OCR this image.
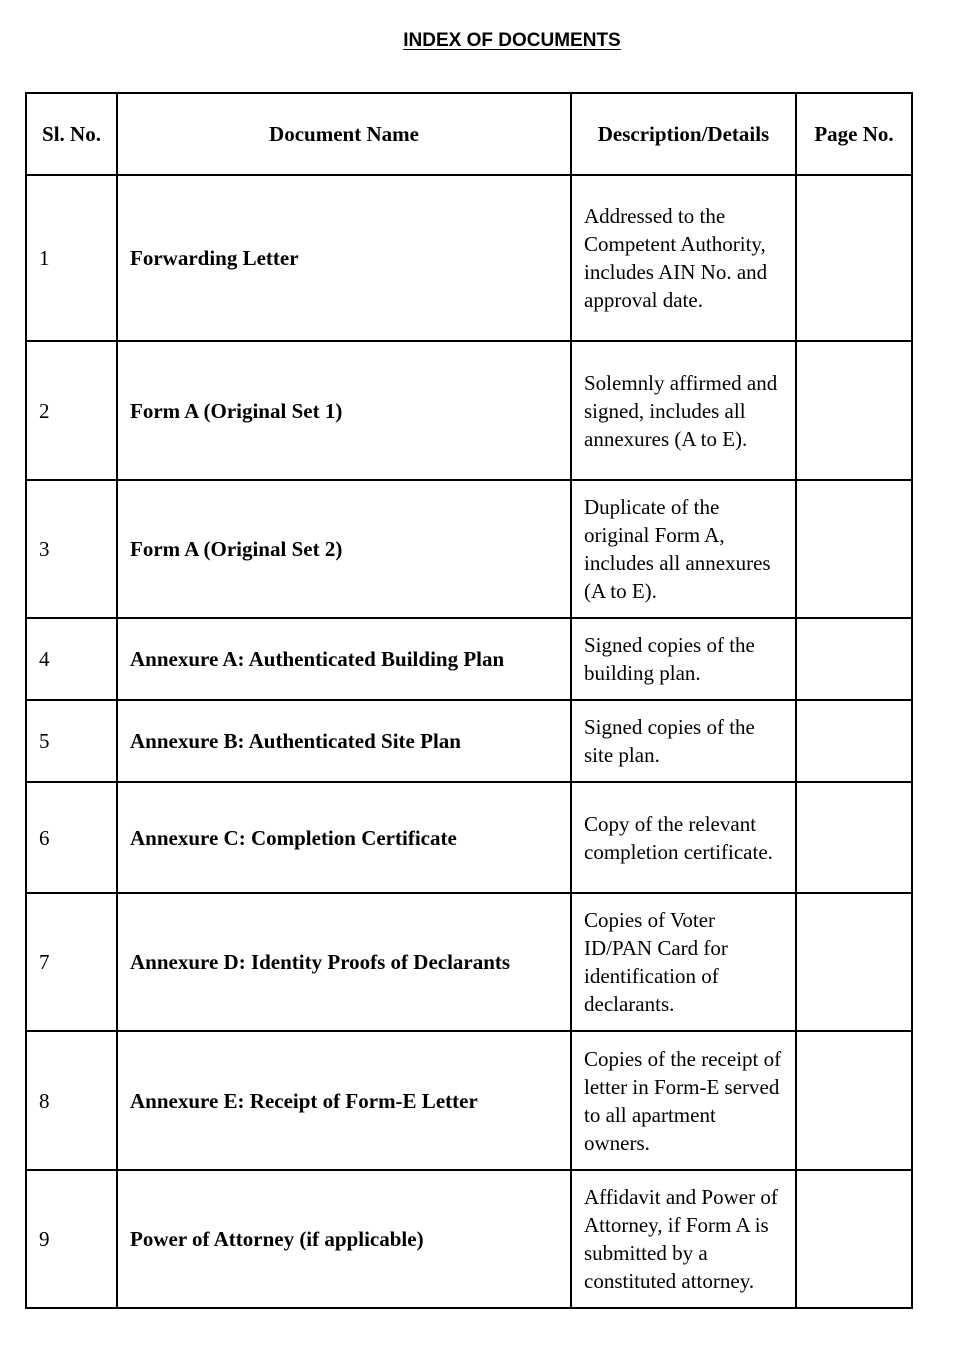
INDEX OF DOCUMENTS
Sl. No.	Document Name	Description/Details	Page No.
1	Forwarding Letter	Addressed to the Competent Authority, includes AIN No. and approval date.	
2	Form A (Original Set 1)	Solemnly affirmed and signed, includes all annexures (A to E).	
3	Form A (Original Set 2)	Duplicate of the original Form A, includes all annexures (A to E).	
4	Annexure A: Authenticated Building Plan	Signed copies of the building plan.	
5	Annexure B: Authenticated Site Plan	Signed copies of the site plan.	
6	Annexure C: Completion Certificate	Copy of the relevant completion certificate.	
7	Annexure D: Identity Proofs of Declarants	Copies of Voter ID/PAN Card for identification of declarants.	
8	Annexure E: Receipt of Form-E Letter	Copies of the receipt of letter in Form-E served to all apartment owners.	
9	Power of Attorney (if applicable)	Affidavit and Power of Attorney, if Form A is submitted by a constituted attorney.	
